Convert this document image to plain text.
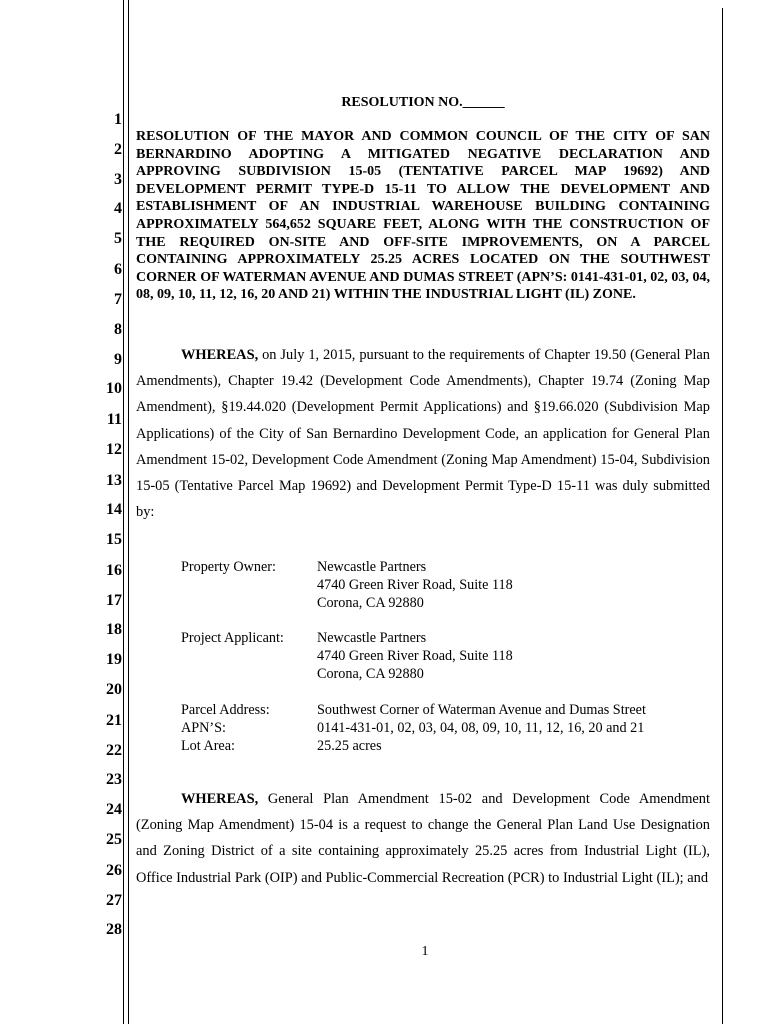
1
2
3
4
5
6
7
8
9
10
11
12
13
14
15
16
17
18
19
20
21
22
23
24
25
26
27
28
RESOLUTION NO.______
RESOLUTION OF THE MAYOR AND COMMON COUNCIL OF THE CITY OF SAN BERNARDINO ADOPTING A MITIGATED NEGATIVE DECLARATION AND APPROVING SUBDIVISION 15-05 (TENTATIVE PARCEL MAP 19692) AND DEVELOPMENT PERMIT TYPE-D 15-11 TO ALLOW THE DEVELOPMENT AND ESTABLISHMENT OF AN INDUSTRIAL WAREHOUSE BUILDING CONTAINING APPROXIMATELY 564,652 SQUARE FEET, ALONG WITH THE CONSTRUCTION OF THE REQUIRED ON-SITE AND OFF-SITE IMPROVEMENTS, ON A PARCEL CONTAINING APPROXIMATELY 25.25 ACRES LOCATED ON THE SOUTHWEST CORNER OF WATERMAN AVENUE AND DUMAS STREET (APN’S: 0141-431-01, 02, 03, 04, 08, 09, 10, 11, 12, 16, 20 AND 21) WITHIN THE INDUSTRIAL LIGHT (IL) ZONE.
WHEREAS, on July 1, 2015, pursuant to the requirements of Chapter 19.50 (General Plan Amendments), Chapter 19.42 (Development Code Amendments), Chapter 19.74 (Zoning Map Amendment), §19.44.020 (Development Permit Applications) and §19.66.020 (Subdivision Map Applications) of the City of San Bernardino Development Code, an application for General Plan Amendment 15-02, Development Code Amendment (Zoning Map Amendment) 15-04, Subdivision 15-05 (Tentative Parcel Map 19692) and Development Permit Type-D 15-11 was duly submitted by:
Property Owner:	Newcastle Partners
4740 Green River Road, Suite 118
Corona, CA 92880
Project Applicant: Newcastle Partners
4740 Green River Road, Suite 118
Corona, CA 92880
Parcel Address:	Southwest Corner of Waterman Avenue and Dumas Street
APN’S:	0141-431-01, 02, 03, 04, 08, 09, 10, 11, 12, 16, 20 and 21
Lot Area:	25.25 acres
WHEREAS, General Plan Amendment 15-02 and Development Code Amendment (Zoning Map Amendment) 15-04 is a request to change the General Plan Land Use Designation and Zoning District of a site containing approximately 25.25 acres from Industrial Light (IL), Office Industrial Park (OIP) and Public-Commercial Recreation (PCR) to Industrial Light (IL); and
1
